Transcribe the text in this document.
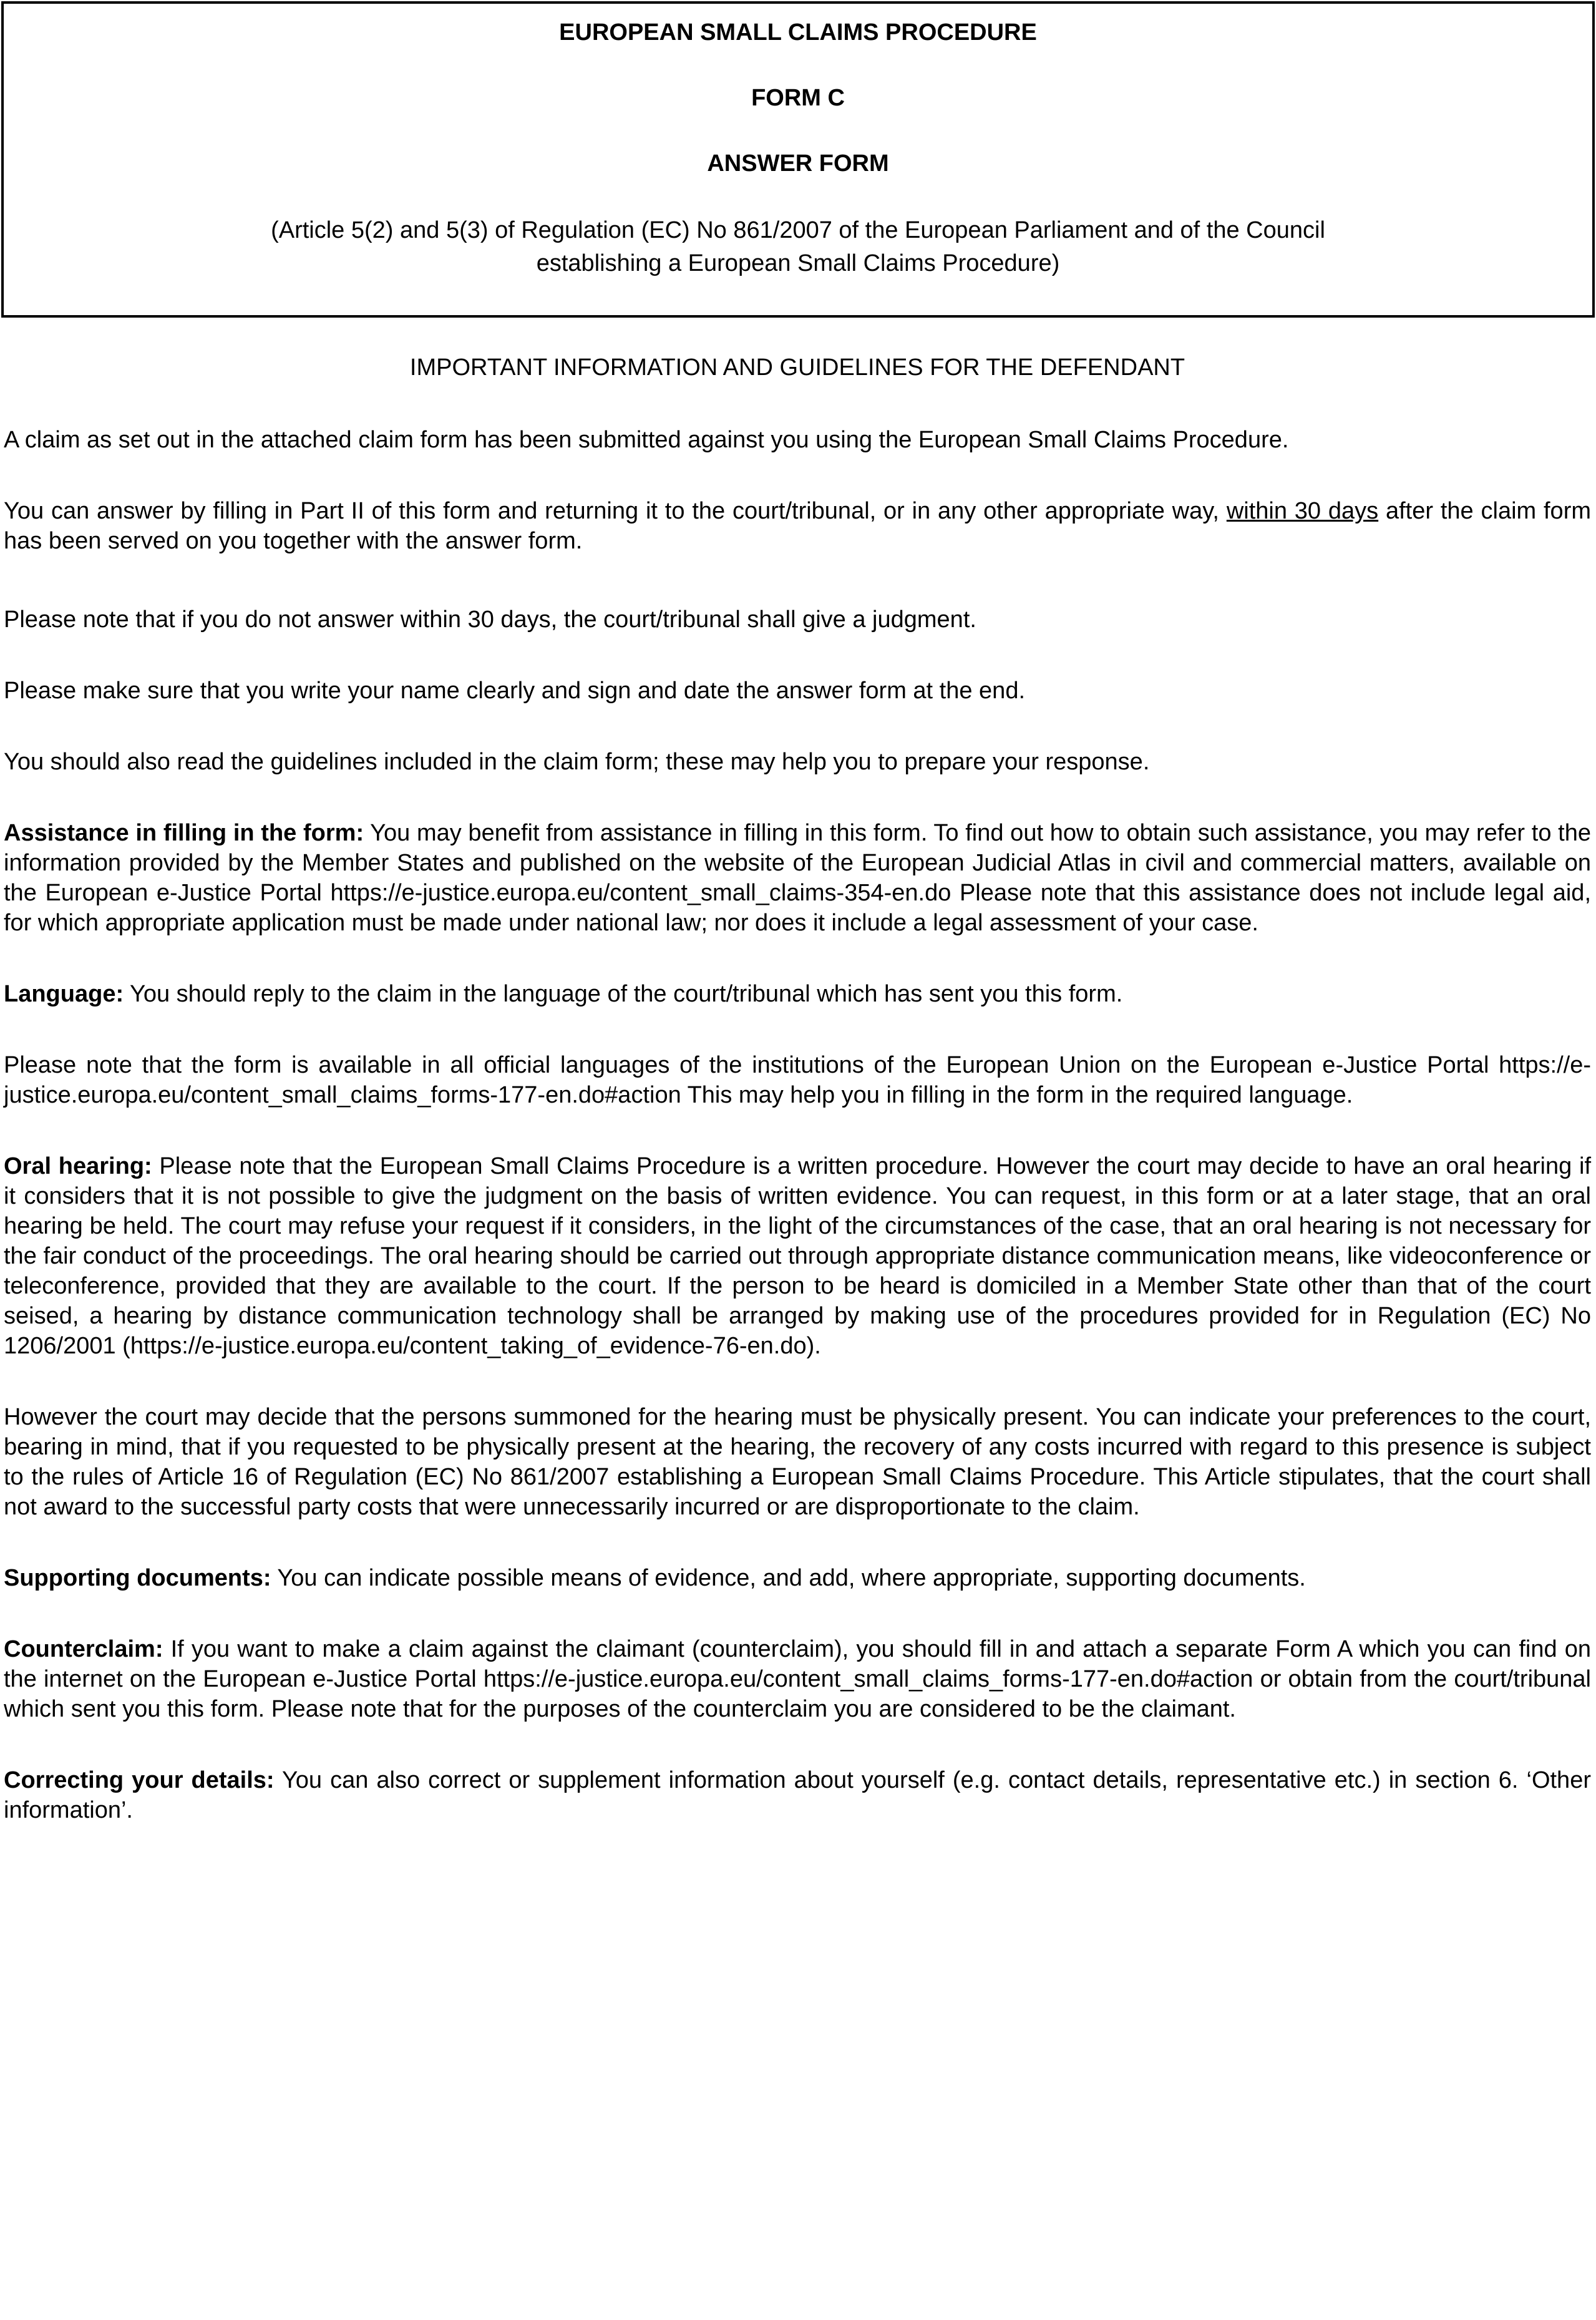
EUROPEAN SMALL CLAIMS PROCEDURE

FORM C

ANSWER FORM

(Article 5(2) and 5(3) of Regulation (EC) No 861/2007 of the European Parliament and of the Council establishing a European Small Claims Procedure)

IMPORTANT INFORMATION AND GUIDELINES FOR THE DEFENDANT

A claim as set out in the attached claim form has been submitted against you using the European Small Claims Procedure.

You can answer by filling in Part II of this form and returning it to the court/tribunal, or in any other appropriate way, within 30 days after the claim form has been served on you together with the answer form.

Please note that if you do not answer within 30 days, the court/tribunal shall give a judgment.

Please make sure that you write your name clearly and sign and date the answer form at the end.

You should also read the guidelines included in the claim form; these may help you to prepare your response.

Assistance in filling in the form: You may benefit from assistance in filling in this form. To find out how to obtain such assistance, you may refer to the information provided by the Member States and published on the website of the European Judicial Atlas in civil and commercial matters, available on the European e-Justice Portal https://e-justice.europa.eu/content_small_claims-354-en.do Please note that this assistance does not include legal aid, for which appropriate application must be made under national law; nor does it include a legal assessment of your case.

Language: You should reply to the claim in the language of the court/tribunal which has sent you this form.

Please note that the form is available in all official languages of the institutions of the European Union on the European e-Justice Portal https://e-justice.europa.eu/content_small_claims_forms-177-en.do#action This may help you in filling in the form in the required language.

Oral hearing: Please note that the European Small Claims Procedure is a written procedure. However the court may decide to have an oral hearing if it considers that it is not possible to give the judgment on the basis of written evidence. You can request, in this form or at a later stage, that an oral hearing be held. The court may refuse your request if it considers, in the light of the circumstances of the case, that an oral hearing is not necessary for the fair conduct of the proceedings. The oral hearing should be carried out through appropriate distance communication means, like videoconference or teleconference, provided that they are available to the court. If the person to be heard is domiciled in a Member State other than that of the court seised, a hearing by distance communication technology shall be arranged by making use of the procedures provided for in Regulation (EC) No 1206/2001 (https://e-justice.europa.eu/content_taking_of_evidence-76-en.do).

However the court may decide that the persons summoned for the hearing must be physically present. You can indicate your preferences to the court, bearing in mind, that if you requested to be physically present at the hearing, the recovery of any costs incurred with regard to this presence is subject to the rules of Article 16 of Regulation (EC) No 861/2007 establishing a European Small Claims Procedure. This Article stipulates, that the court shall not award to the successful party costs that were unnecessarily incurred or are disproportionate to the claim.

Supporting documents: You can indicate possible means of evidence, and add, where appropriate, supporting documents.

Counterclaim: If you want to make a claim against the claimant (counterclaim), you should fill in and attach a separate Form A which you can find on the internet on the European e-Justice Portal https://e-justice.europa.eu/content_small_claims_forms-177-en.do#action or obtain from the court/tribunal which sent you this form. Please note that for the purposes of the counterclaim you are considered to be the claimant.

Correcting your details: You can also correct or supplement information about yourself (e.g. contact details, representative etc.) in section 6. ‘Other information’.
